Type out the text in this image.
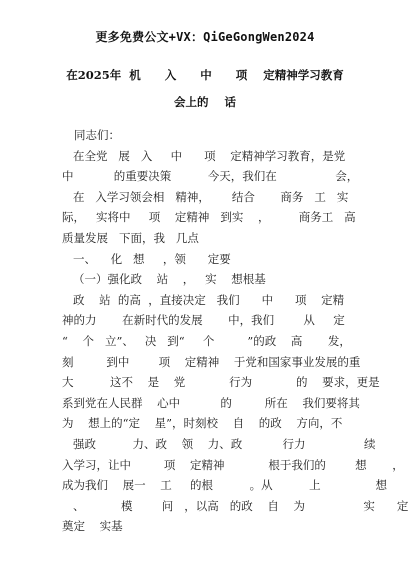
更多免费公文+VX：QiGeGongWen2024
在2025年  机      入      中      项    定精神学习教育
会上的    话
同志们：
在全党   展   入     中      项    定精神学习教育，是党
中           的重要决策          今天，我们在                会，
在   入学习领会相   精神，      结合       商务   工   实
际，   实将中     项    定精神   到实    ，        商务工   高
质量发展   下面，我   几点
一、    化   想     ，领      定要
（一）强化政    站    ，   实    想根基
政    站  的高  ，直接决定   我们      中      项    定精
神的力       在新时代的发展       中，我们        从     定
“    个   立”、   决   到“     个         ”的政    高       发，
刻         到中        项    定精神    于党和国家事业发展的重
大          这不    是    党            行为            的    要求，更是
系到党在人民群    心中           的         所在    我们要将其
为    想上的“定    星”，时刻校    自    的政    方向，不
强政          力、政    领    力、政           行力                续
入学习，让中         项    定精神            根于我们的        想       ，
成为我们    展一    工     的根          。从          上               想
、          模        问   ，以高   的政    自    为                实      定
奠定    实基
